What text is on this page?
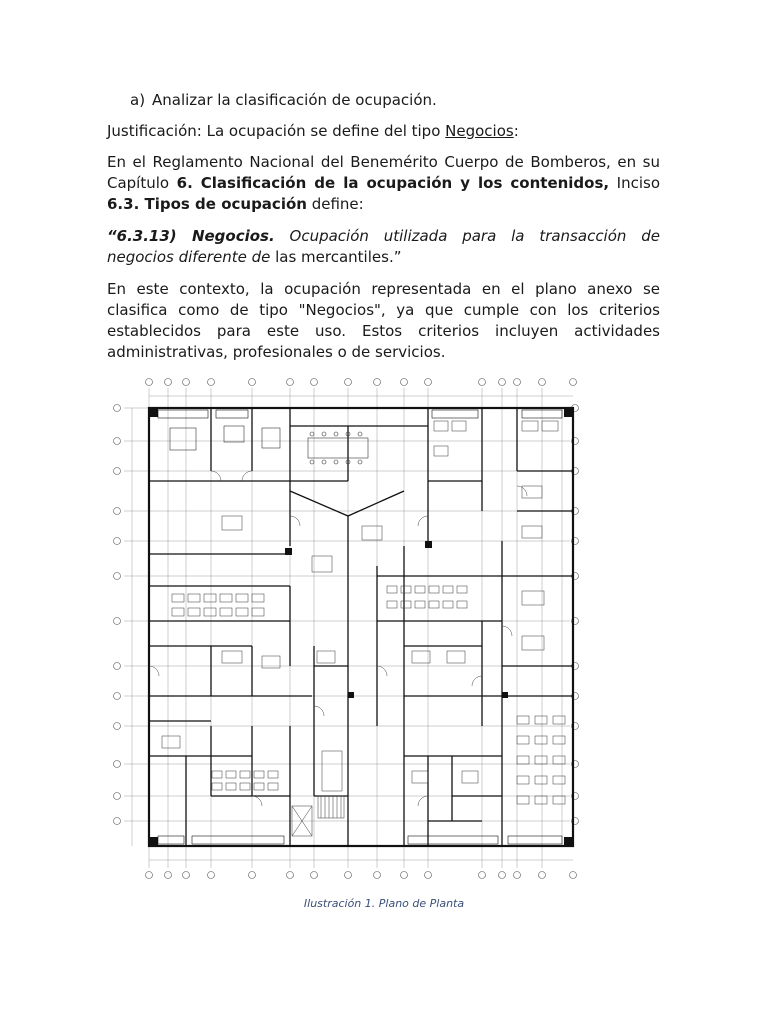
a) Analizar la clasificación de ocupación.

Justificación: La ocupación se define del tipo Negocios:

En el Reglamento Nacional del Benemérito Cuerpo de Bomberos, en su Capítulo 6. Clasificación de la ocupación y los contenidos, Inciso 6.3. Tipos de ocupación define:

“6.3.13) Negocios. Ocupación utilizada para la transacción de negocios diferente de las mercantiles.”

En este contexto, la ocupación representada en el plano anexo se clasifica como de tipo "Negocios", ya que cumple con los criterios establecidos para este uso. Estos criterios incluyen actividades administrativas, profesionales o de servicios.

Ilustración 1. Plano de Planta
